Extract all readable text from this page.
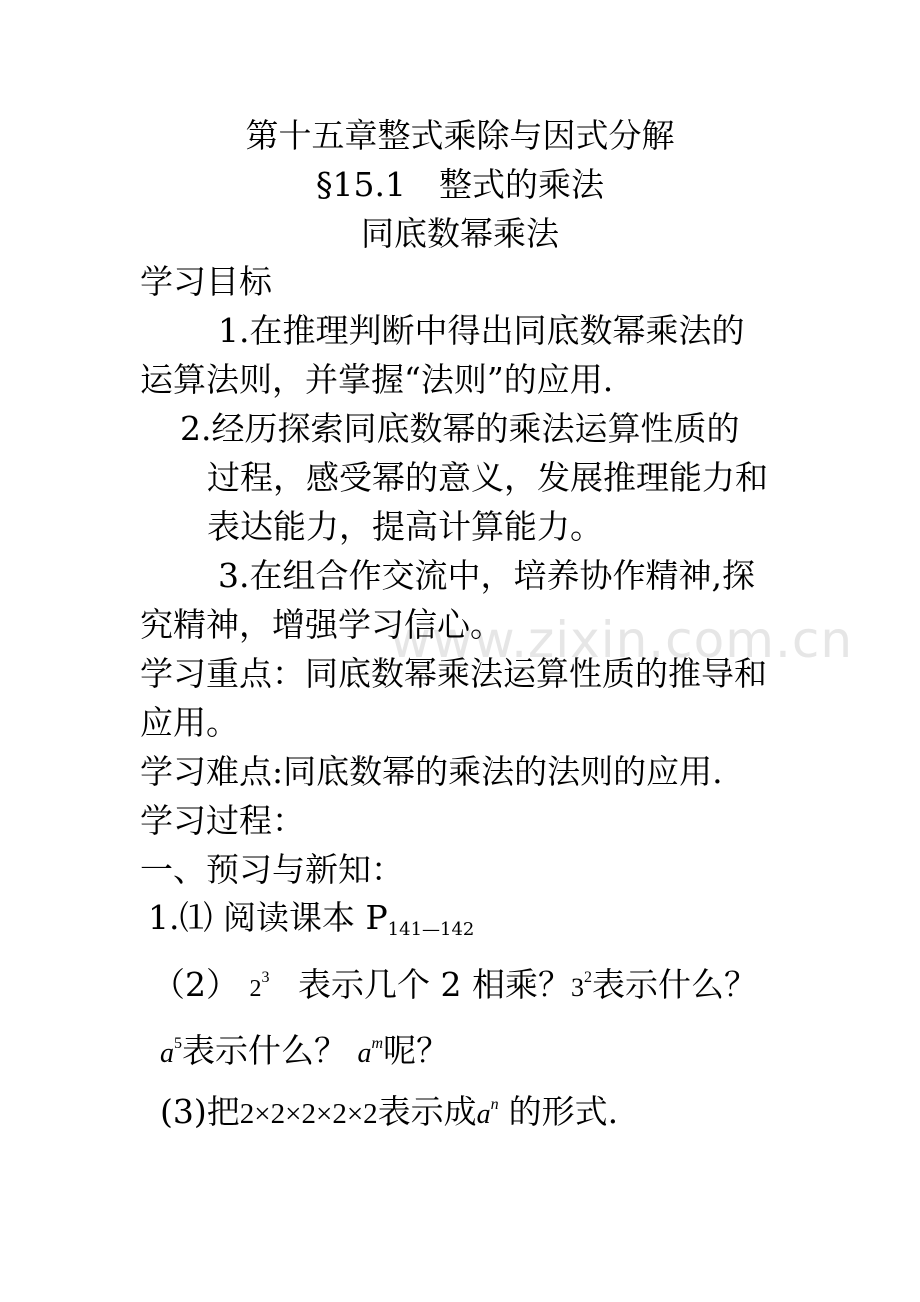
www.zixin.com.cn
第十五章整式乘除与因式分解
§15.1　整式的乘法
同底数幂乘法
学习目标
1.在推理判断中得出同底数幂乘法的
运算法则，并掌握“法则”的应用.
2.经历探索同底数幂的乘法运算性质的
过程，感受幂的意义，发展推理能力和
表达能力，提高计算能力。
3.在组合作交流中，培养协作精神,探
究精神，增强学习信心。
学习重点：同底数幂乘法运算性质的推导和
应用。
学习难点:同底数幂的乘法的法则的应用.
学习过程：
一、预习与新知：
1.⑴ 阅读课本 $P_{141—142}$
（2） $2^3$ 表示几个 2 相乘？$3^2$表示什么？
$a^5$表示什么？ $a^m$呢？
(3)把2×2×2×2×2表示成$a^n$ 的形式.
